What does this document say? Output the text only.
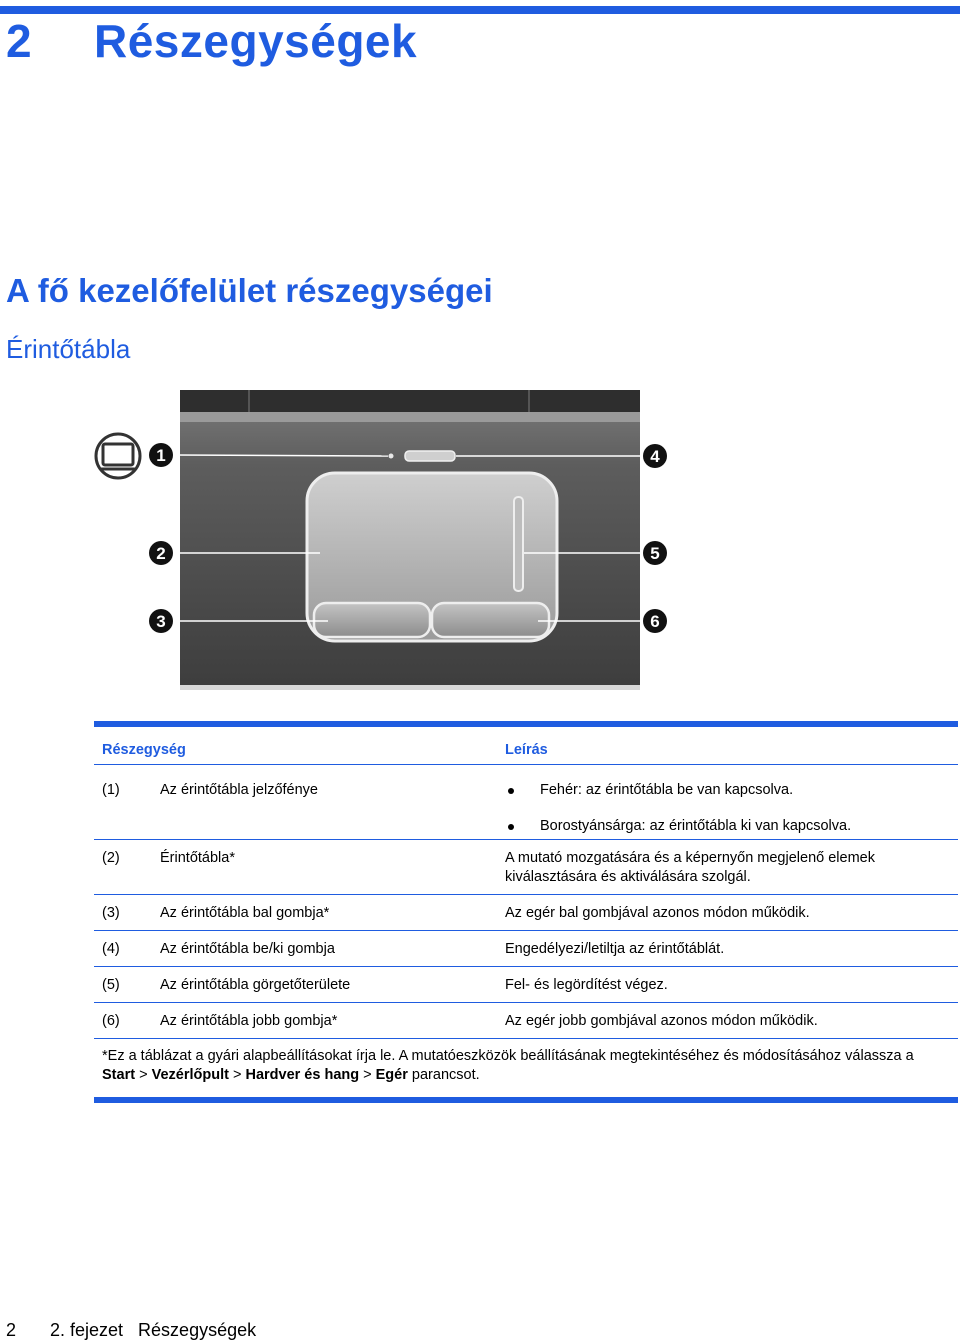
2 Részegységek
A fő kezelőfelület részegységei
Érintőtábla
1
2
3
4
5
6
Részegység	Leírás
(1)	Az érintőtábla jelzőfénye	Fehér: az érintőtábla be van kapcsolva.
Borostyánsárga: az érintőtábla ki van kapcsolva.
(2)	Érintőtábla*	A mutató mozgatására és a képernyőn megjelenő elemek kiválasztására és aktiválására szolgál.
(3)	Az érintőtábla bal gombja*	Az egér bal gombjával azonos módon működik.
(4)	Az érintőtábla be/ki gombja	Engedélyezi/letiltja az érintőtáblát.
(5)	Az érintőtábla görgetőterülete	Fel- és legördítést végez.
(6)	Az érintőtábla jobb gombja*	Az egér jobb gombjával azonos módon működik.
*Ez a táblázat a gyári alapbeállításokat írja le. A mutatóeszközök beállításának megtekintéséhez és módosításához válassza a Start > Vezérlőpult > Hardver és hang > Egér parancsot.
2 2. fejezet   Részegységek
